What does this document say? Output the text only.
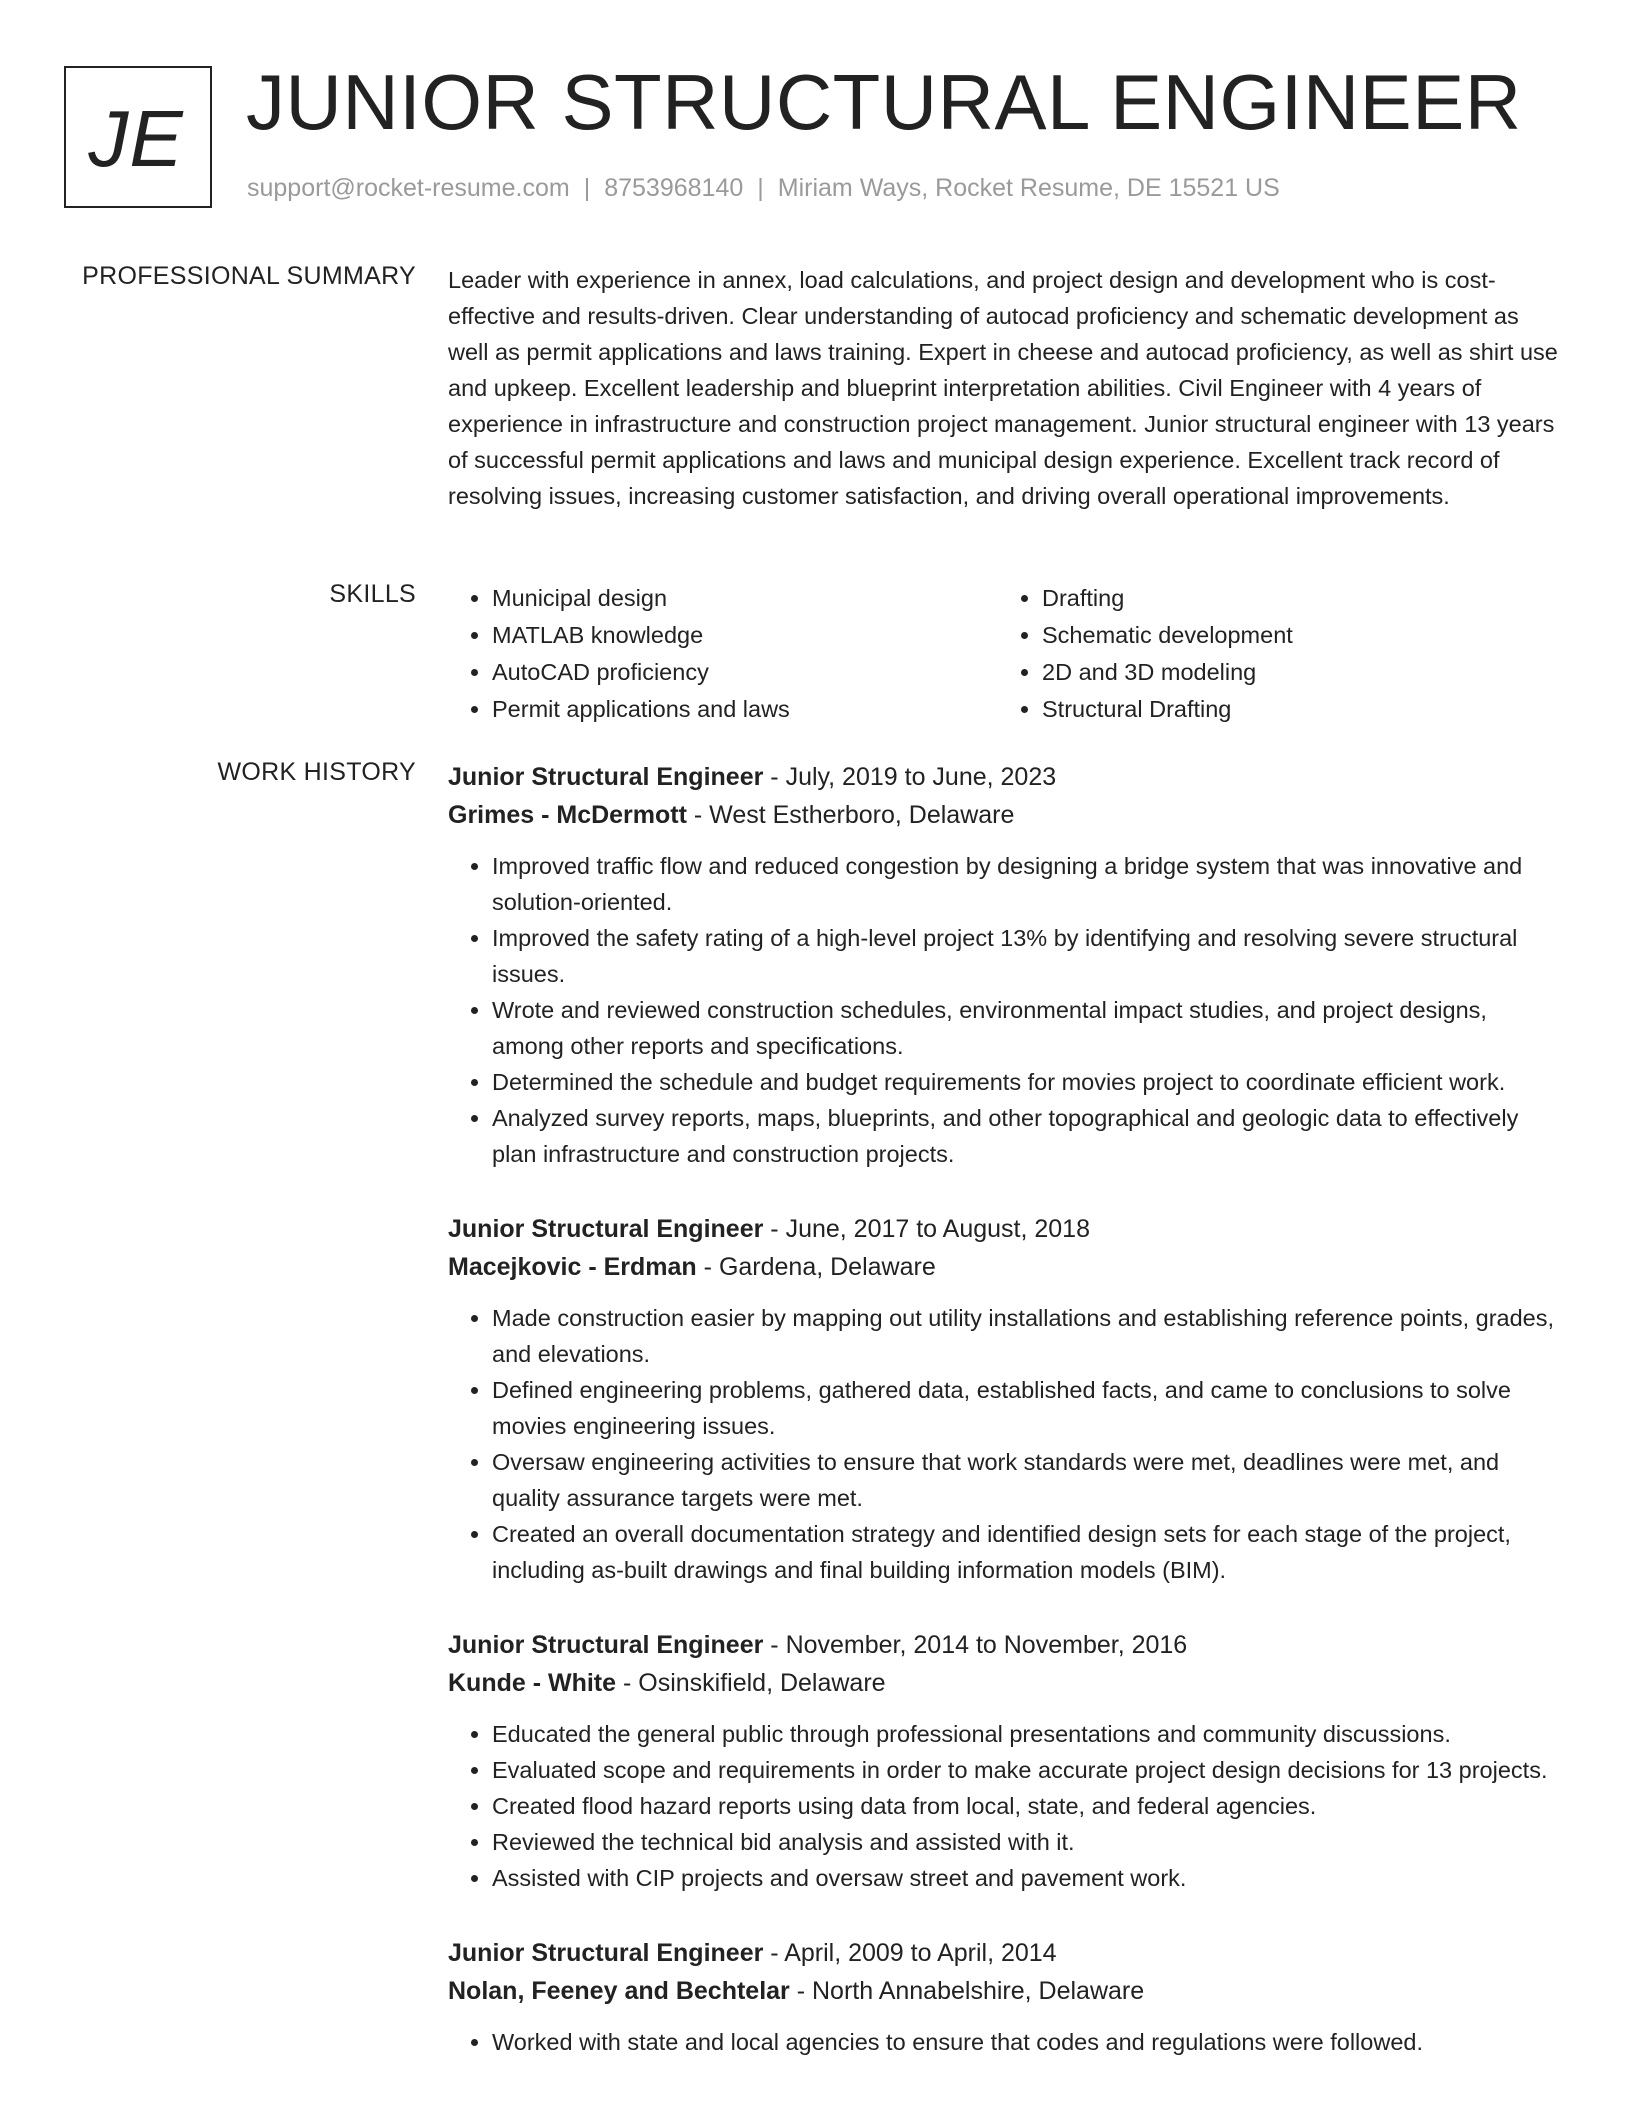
JE JUNIOR STRUCTURAL ENGINEER
support@rocket-resume.com | 8753968140 | Miriam Ways, Rocket Resume, DE 15521 US
PROFESSIONAL SUMMARY Leader with experience in annex, load calculations, and project design and development who is cost-effective and results-driven. Clear understanding of autocad proficiency and schematic development as well as permit applications and laws training. Expert in cheese and autocad proficiency, as well as shirt use and upkeep. Excellent leadership and blueprint interpretation abilities. Civil Engineer with 4 years of experience in infrastructure and construction project management. Junior structural engineer with 13 years of successful permit applications and laws and municipal design experience. Excellent track record of resolving issues, increasing customer satisfaction, and driving overall operational improvements.

SKILLS
•	Municipal design
• MATLAB knowledge
• AutoCAD proficiency
• Permit applications and laws
• Drafting
• Schematic development
• 2D and 3D modeling
• Structural Drafting
WORK HISTORY Junior Structural Engineer - July, 2019 to June, 2023
Grimes - McDermott - West Estherboro, Delaware
• Improved traffic flow and reduced congestion by designing a bridge system that was innovative and solution-oriented.
• Improved the safety rating of a high-level project 13% by identifying and resolving severe structural issues.
• Wrote and reviewed construction schedules, environmental impact studies, and project designs, among other reports and specifications.
• Determined the schedule and budget requirements for movies project to coordinate efficient work.
• Analyzed survey reports, maps, blueprints, and other topographical and geologic data to effectively plan infrastructure and construction projects.
Junior Structural Engineer - June, 2017 to August, 2018
Macejkovic - Erdman - Gardena, Delaware
• Made construction easier by mapping out utility installations and establishing reference points, grades, and elevations.
• Defined engineering problems, gathered data, established facts, and came to conclusions to solve movies engineering issues.
• Oversaw engineering activities to ensure that work standards were met, deadlines were met, and quality assurance targets were met.
• Created an overall documentation strategy and identified design sets for each stage of the project, including as-built drawings and final building information models (BIM).
Junior Structural Engineer - November, 2014 to November, 2016
Kunde - White - Osinskifield, Delaware
• Educated the general public through professional presentations and community discussions.
• Evaluated scope and requirements in order to make accurate project design decisions for 13 projects.
• Created flood hazard reports using data from local, state, and federal agencies.
• Reviewed the technical bid analysis and assisted with it.
• Assisted with CIP projects and oversaw street and pavement work.
Junior Structural Engineer - April, 2009 to April, 2014
Nolan, Feeney and Bechtelar - North Annabelshire, Delaware
• Worked with state and local agencies to ensure that codes and regulations were followed.
